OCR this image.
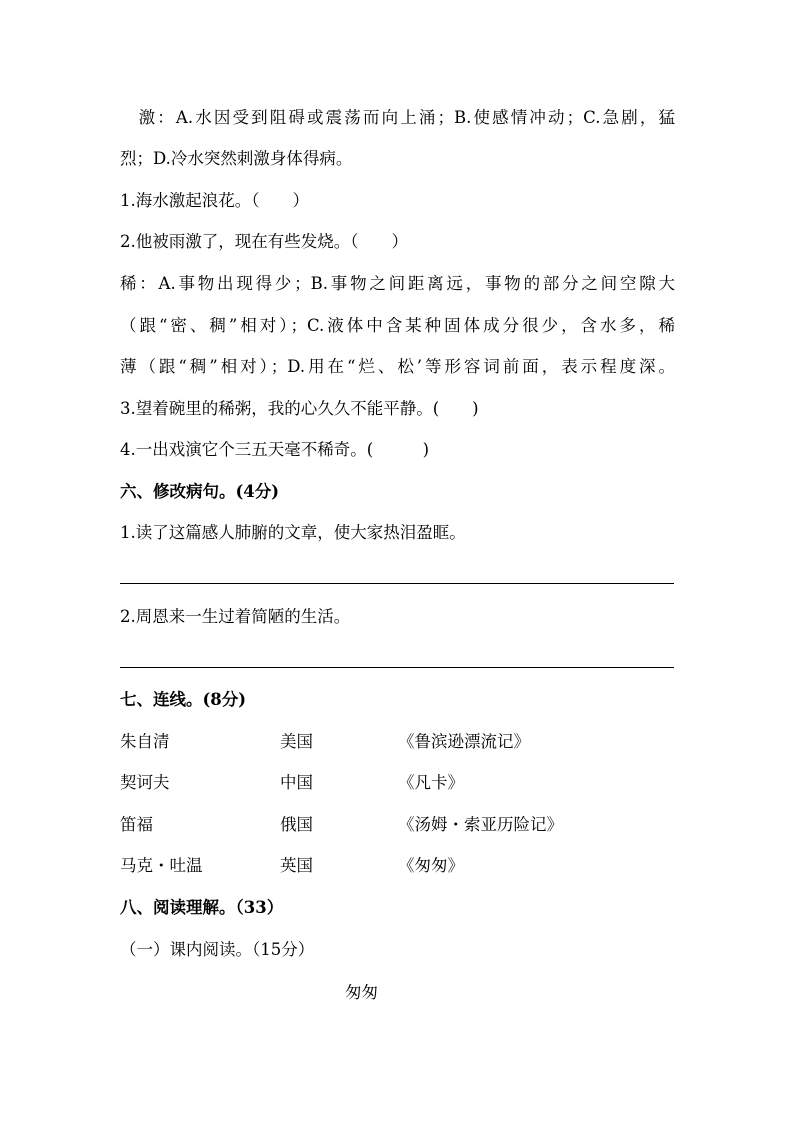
　激：A.水因受到阻碍或震荡而向上涌；B.使感情冲动；C.急剧，猛
烈；D.冷水突然刺激身体得病。
1.海水激起浪花。（　　）
2.他被雨激了，现在有些发烧。（　　）
稀：A.事物出现得少；B.事物之间距离远，事物的部分之间空隙大
（跟“密、稠”相对）；C.液体中含某种固体成分很少，含水多，稀
薄（跟“稠”相对）；D.用在“烂、松’等形容词前面，表示程度深。
3.望着碗里的稀粥，我的心久久不能平静。(　　)
4.一出戏演它个三五天毫不稀奇。(　　　)
六、修改病句。(4分)
1.读了这篇感人肺腑的文章，使大家热泪盈眶。
2.周恩来一生过着简陋的生活。
七、连线。(8分)
朱自清	美国	《鲁滨逊漂流记》
契诃夫	中国	《凡卡》
笛福	俄国	《汤姆・索亚历险记》
马克・吐温	英国	《匆匆》
八、阅读理解。（33）
（一）课内阅读。（15分）
匆匆
